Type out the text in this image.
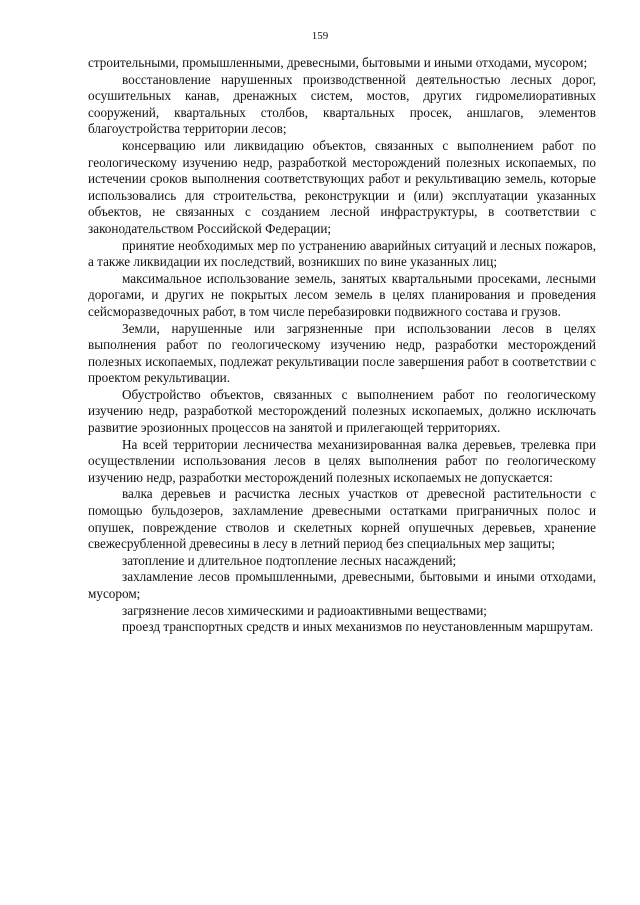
159

строительными, промышленными, древесными, бытовыми и иными отходами, мусором;

восстановление нарушенных производственной деятельностью лесных дорог, осушительных канав, дренажных систем, мостов, других гидромелиоративных сооружений, квартальных столбов, квартальных просек, аншлагов, элементов благоустройства территории лесов;

консервацию или ликвидацию объектов, связанных с выполнением работ по геологическому изучению недр, разработкой месторождений полезных ископаемых, по истечении сроков выполнения соответствующих работ и рекультивацию земель, которые использовались для строительства, реконструкции и (или) эксплуатации указанных объектов, не связанных с созданием лесной инфраструктуры, в соответствии с законодательством Российской Федерации;

принятие необходимых мер по устранению аварийных ситуаций и лесных пожаров, а также ликвидации их последствий, возникших по вине указанных лиц;

максимальное использование земель, занятых квартальными просеками, лесными дорогами, и других не покрытых лесом земель в целях планирования и проведения сейсморазведочных работ, в том числе перебазировки подвижного состава и грузов.

Земли, нарушенные или загрязненные при использовании лесов в целях выполнения работ по геологическому изучению недр, разработки месторождений полезных ископаемых, подлежат рекультивации после завершения работ в соответствии с проектом рекультивации.

Обустройство объектов, связанных с выполнением работ по геологическому изучению недр, разработкой месторождений полезных ископаемых, должно исключать развитие эрозионных процессов на занятой и прилегающей территориях.

На всей территории лесничества механизированная валка деревьев, трелевка при осуществлении использования лесов в целях выполнения работ по геологическому изучению недр, разработки месторождений полезных ископаемых не допускается:

валка деревьев и расчистка лесных участков от древесной растительности с помощью бульдозеров, захламление древесными остатками приграничных полос и опушек, повреждение стволов и скелетных корней опушечных деревьев, хранение свежесрубленной древесины в лесу в летний период без специальных мер защиты;

затопление и длительное подтопление лесных насаждений;

захламление лесов промышленными, древесными, бытовыми и иными отходами, мусором;

загрязнение лесов химическими и радиоактивными веществами;

проезд транспортных средств и иных механизмов по неустановленным маршрутам.
